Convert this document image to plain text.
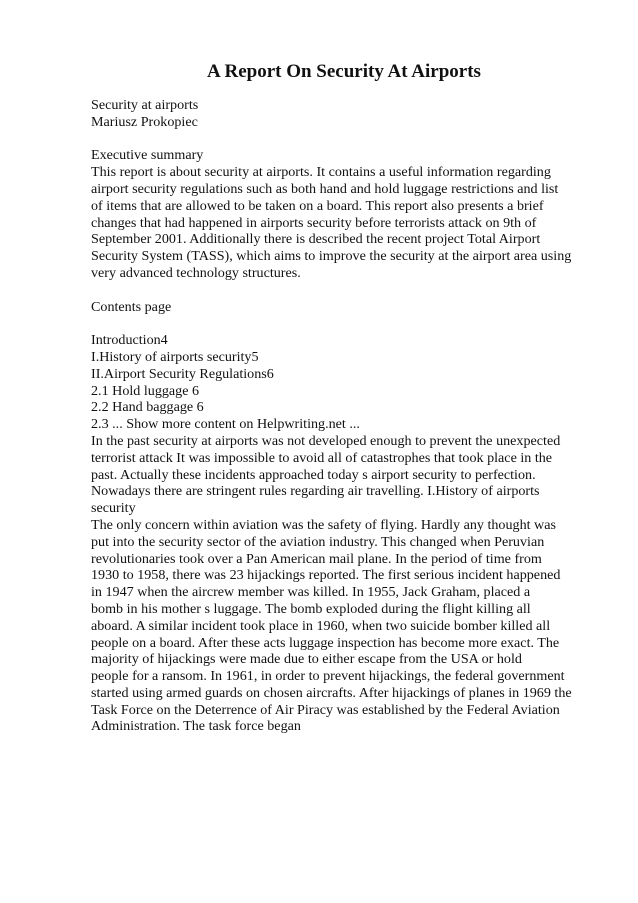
A Report On Security At Airports
Security at airports
Mariusz Prokopiec
Executive summary
This report is about security at airports. It contains a useful information regarding
airport security regulations such as both hand and hold luggage restrictions and list
of items that are allowed to be taken on a board. This report also presents a brief
changes that had happened in airports security before terrorists attack on 9th of
September 2001. Additionally there is described the recent project Total Airport
Security System (TASS), which aims to improve the security at the airport area using
very advanced technology structures.
Contents page
Introduction4
I.History of airports security5
II.Airport Security Regulations6
2.1 Hold luggage 6
2.2 Hand baggage 6
2.3 ... Show more content on Helpwriting.net ...
In the past security at airports was not developed enough to prevent the unexpected
terrorist attack It was impossible to avoid all of catastrophes that took place in the
past. Actually these incidents approached today s airport security to perfection.
Nowadays there are stringent rules regarding air travelling. I.History of airports
security
The only concern within aviation was the safety of flying. Hardly any thought was
put into the security sector of the aviation industry. This changed when Peruvian
revolutionaries took over a Pan American mail plane. In the period of time from
1930 to 1958, there was 23 hijackings reported. The first serious incident happened
in 1947 when the aircrew member was killed. In 1955, Jack Graham, placed a
bomb in his mother s luggage. The bomb exploded during the flight killing all
aboard. A similar incident took place in 1960, when two suicide bomber killed all
people on a board. After these acts luggage inspection has become more exact. The
majority of hijackings were made due to either escape from the USA or hold
people for a ransom. In 1961, in order to prevent hijackings, the federal government
started using armed guards on chosen aircrafts. After hijackings of planes in 1969 the
Task Force on the Deterrence of Air Piracy was established by the Federal Aviation
Administration. The task force began
